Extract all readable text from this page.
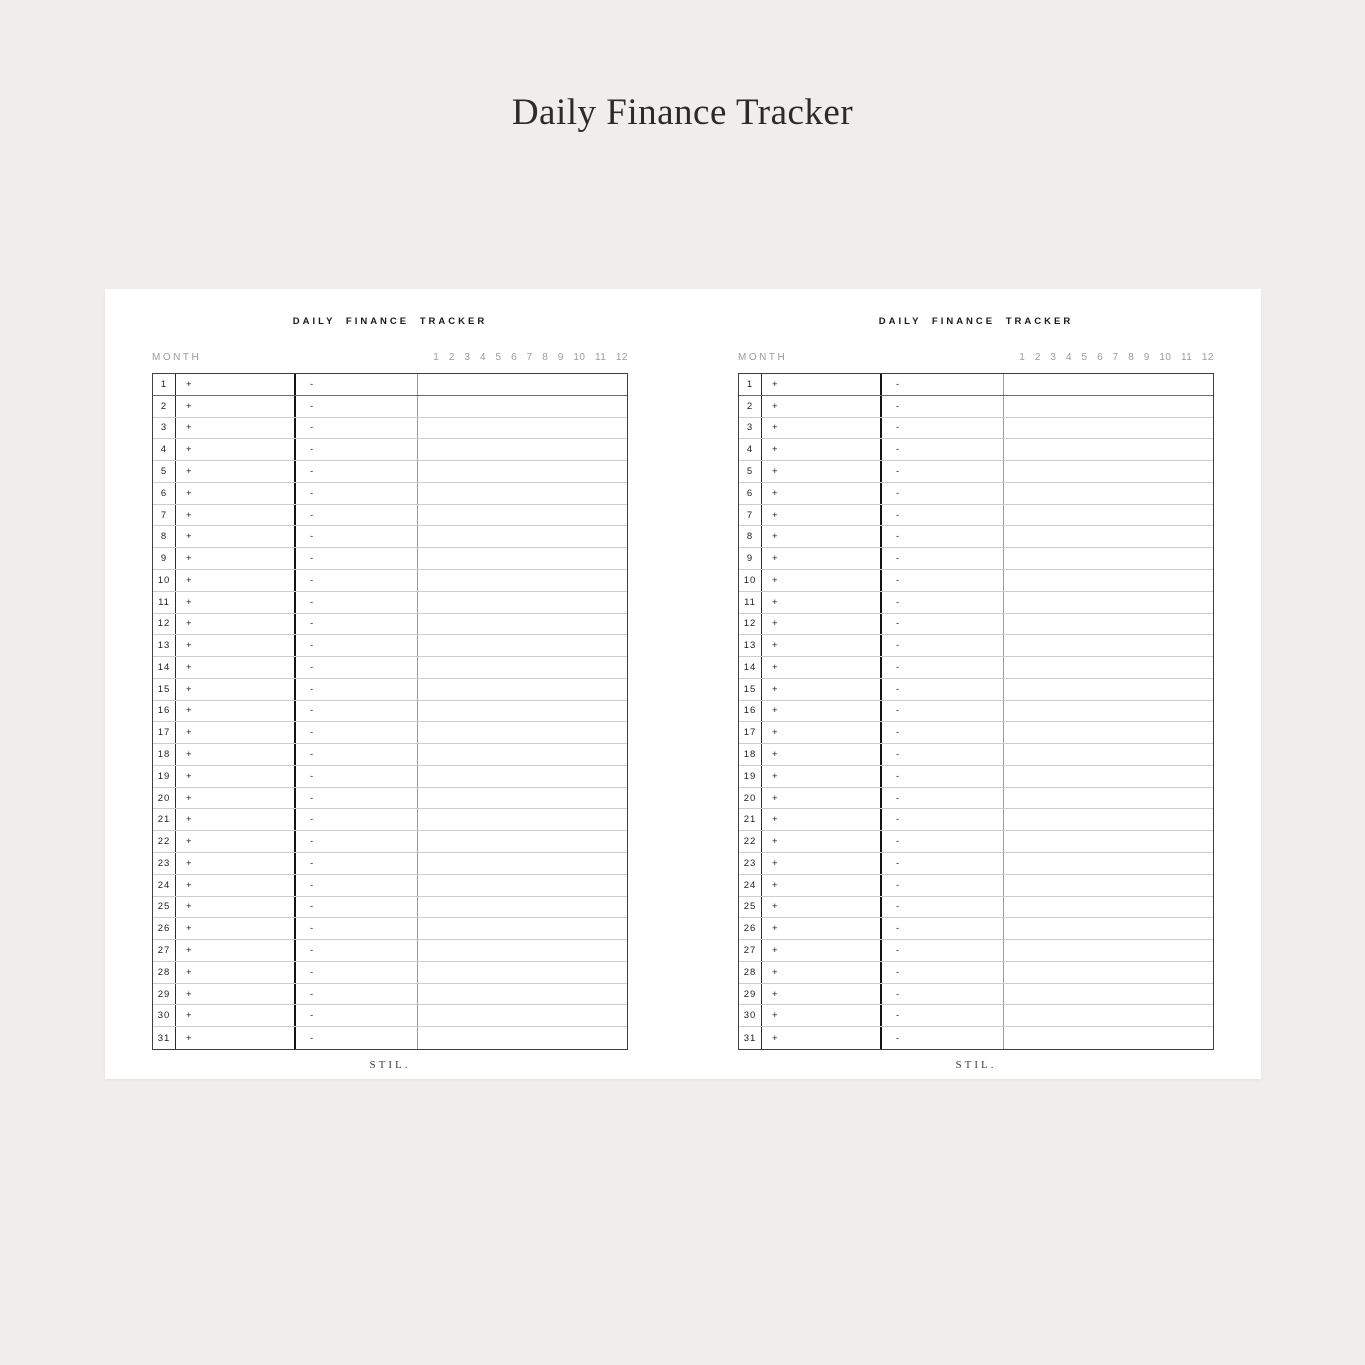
Daily Finance Tracker
DAILY FINANCE TRACKER
MONTH	1 2 3 4 5 6 7 8 9 10 11 12
1	+	-
2	+	-
3	+	-
4	+	-
5	+	-
6	+	-
7	+	-
8	+	-
9	+	-
10	+	-
11	+	-
12	+	-
13	+	-
14	+	-
15	+	-
16	+	-
17	+	-
18	+	-
19	+	-
20	+	-
21	+	-
22	+	-
23	+	-
24	+	-
25	+	-
26	+	-
27	+	-
28	+	-
29	+	-
30	+	-
31	+	-
STIL.
DAILY FINANCE TRACKER
MONTH	1 2 3 4 5 6 7 8 9 10 11 12
1	+	-
2	+	-
3	+	-
4	+	-
5	+	-
6	+	-
7	+	-
8	+	-
9	+	-
10	+	-
11	+	-
12	+	-
13	+	-
14	+	-
15	+	-
16	+	-
17	+	-
18	+	-
19	+	-
20	+	-
21	+	-
22	+	-
23	+	-
24	+	-
25	+	-
26	+	-
27	+	-
28	+	-
29	+	-
30	+	-
31	+	-
STIL.
